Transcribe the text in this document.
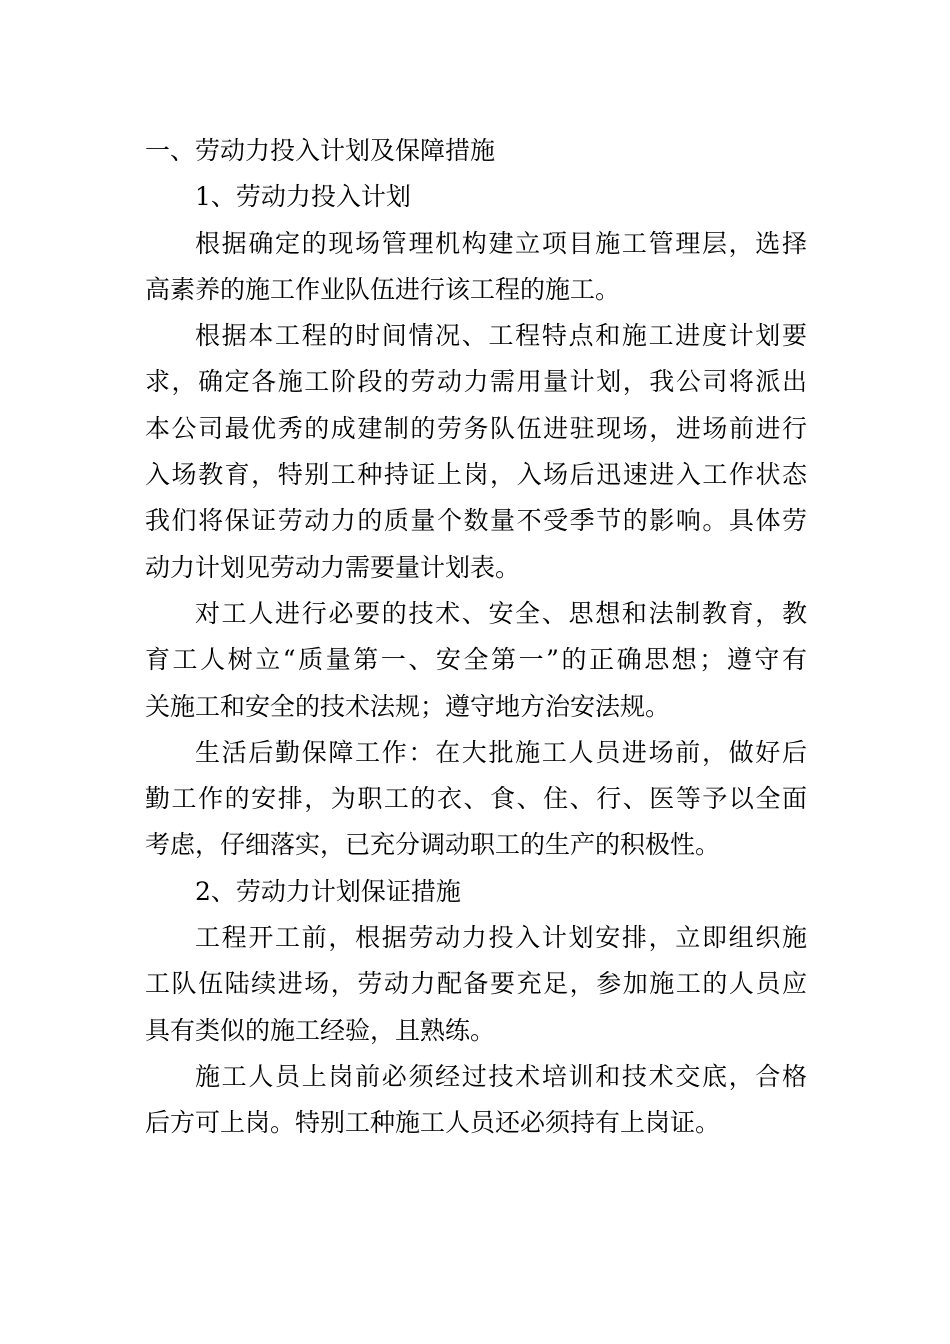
一、劳动力投入计划及保障措施
1、劳动力投入计划
根据确定的现场管理机构建立项目施工管理层，选择
高素养的施工作业队伍进行该工程的施工。
根据本工程的时间情况、工程特点和施工进度计划要
求，确定各施工阶段的劳动力需用量计划，我公司将派出
本公司最优秀的成建制的劳务队伍进驻现场，进场前进行
入场教育，特别工种持证上岗，入场后迅速进入工作状态
我们将保证劳动力的质量个数量不受季节的影响。具体劳
动力计划见劳动力需要量计划表。
对工人进行必要的技术、安全、思想和法制教育，教
育工人树立“质量第一、安全第一”的正确思想；遵守有
关施工和安全的技术法规；遵守地方治安法规。
生活后勤保障工作：在大批施工人员进场前，做好后
勤工作的安排，为职工的衣、食、住、行、医等予以全面
考虑，仔细落实，已充分调动职工的生产的积极性。
2、劳动力计划保证措施
工程开工前，根据劳动力投入计划安排，立即组织施
工队伍陆续进场，劳动力配备要充足，参加施工的人员应
具有类似的施工经验，且熟练。
施工人员上岗前必须经过技术培训和技术交底，合格
后方可上岗。特别工种施工人员还必须持有上岗证。
